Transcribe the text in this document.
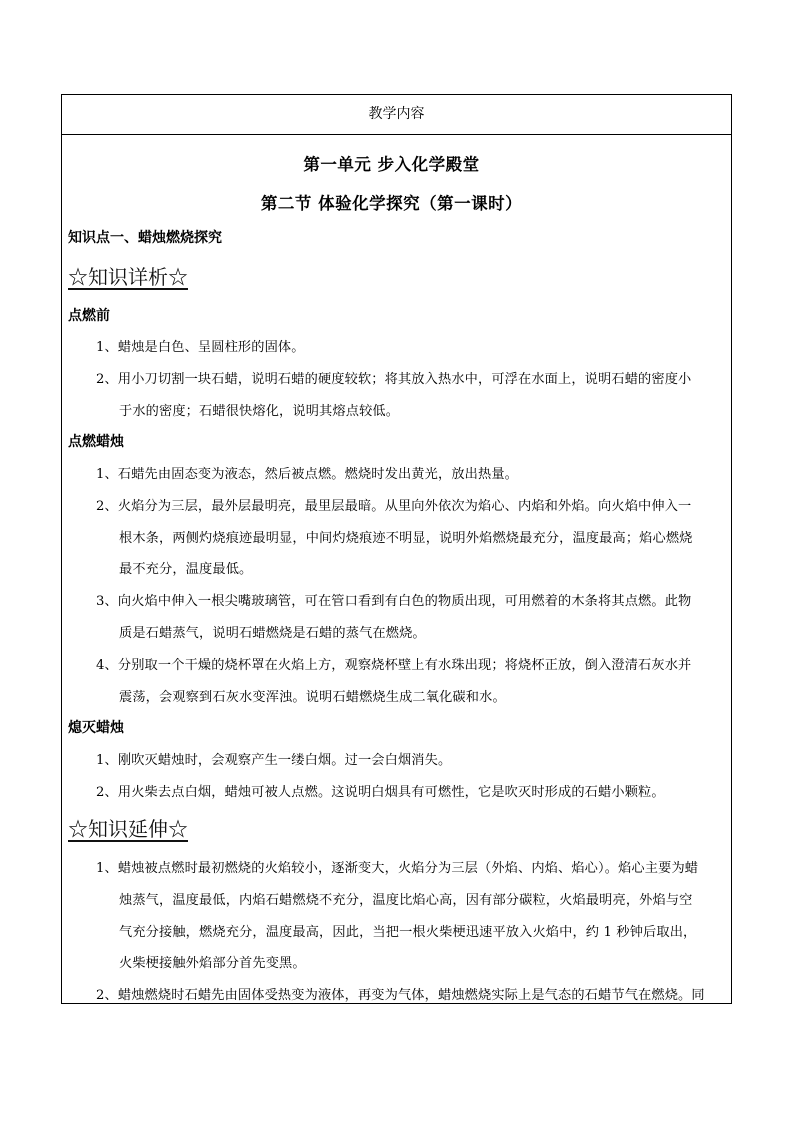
教学内容
第一单元 步入化学殿堂
第二节 体验化学探究（第一课时）
知识点一、蜡烛燃烧探究
☆知识详析☆
点燃前
1、蜡烛是白色、呈圆柱形的固体。
2、用小刀切割一块石蜡，说明石蜡的硬度较软；将其放入热水中，可浮在水面上，说明石蜡的密度小
于水的密度；石蜡很快熔化，说明其熔点较低。
点燃蜡烛
1、石蜡先由固态变为液态，然后被点燃。燃烧时发出黄光，放出热量。
2、火焰分为三层，最外层最明亮，最里层最暗。从里向外依次为焰心、内焰和外焰。向火焰中伸入一
根木条，两侧灼烧痕迹最明显，中间灼烧痕迹不明显，说明外焰燃烧最充分，温度最高；焰心燃烧
最不充分，温度最低。
3、向火焰中伸入一根尖嘴玻璃管，可在管口看到有白色的物质出现，可用燃着的木条将其点燃。此物
质是石蜡蒸气，说明石蜡燃烧是石蜡的蒸气在燃烧。
4、分别取一个干燥的烧杯罩在火焰上方，观察烧杯壁上有水珠出现；将烧杯正放，倒入澄清石灰水并
震荡，会观察到石灰水变浑浊。说明石蜡燃烧生成二氧化碳和水。
熄灭蜡烛
1、刚吹灭蜡烛时，会观察产生一缕白烟。过一会白烟消失。
2、用火柴去点白烟，蜡烛可被人点燃。这说明白烟具有可燃性，它是吹灭时形成的石蜡小颗粒。
☆知识延伸☆
1、蜡烛被点燃时最初燃烧的火焰较小，逐渐变大，火焰分为三层（外焰、内焰、焰心）。焰心主要为蜡
烛蒸气，温度最低，内焰石蜡燃烧不充分，温度比焰心高，因有部分碳粒，火焰最明亮，外焰与空
气充分接触，燃烧充分，温度最高，因此，当把一根火柴梗迅速平放入火焰中，约 1 秒钟后取出，
火柴梗接触外焰部分首先变黑。
2、蜡烛燃烧时石蜡先由固体受热变为液体，再变为气体，蜡烛燃烧实际上是气态的石蜡节气在燃烧。同
